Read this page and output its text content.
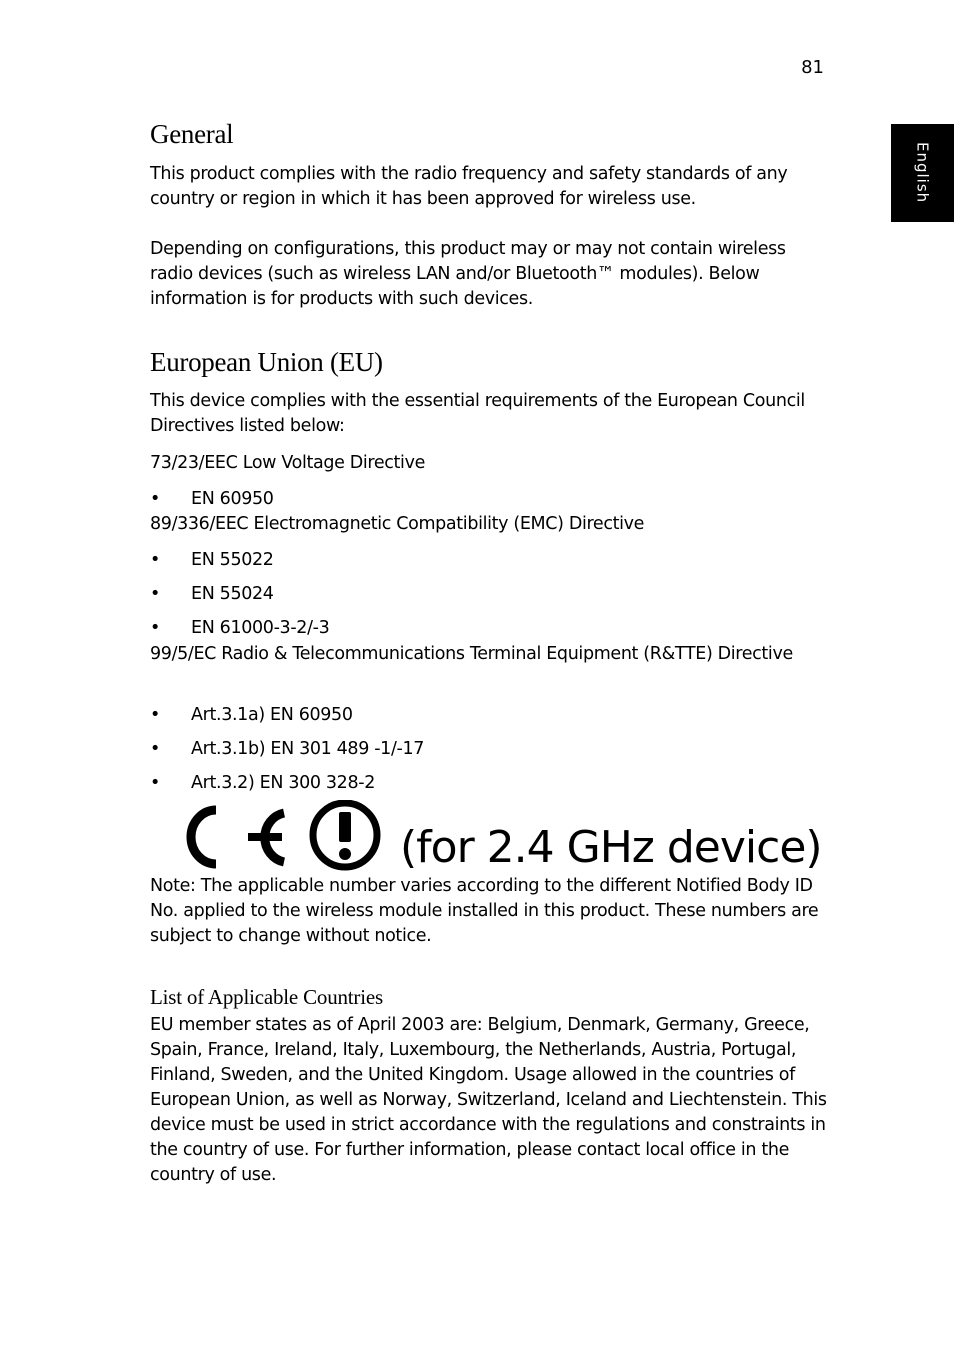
81
English
General

This product complies with the radio frequency and safety standards of any country or region in which it has been approved for wireless use.

Depending on configurations, this product may or may not contain wireless radio devices (such as wireless LAN and/or Bluetooth™ modules). Below information is for products with such devices.

European Union (EU)

This device complies with the essential requirements of the European Council Directives listed below:

73/23/EEC Low Voltage Directive

• EN 60950

89/336/EEC Electromagnetic Compatibility (EMC) Directive

• EN 55022
• EN 55024
• EN 61000-3-2/-3

99/5/EC Radio & Telecommunications Terminal Equipment (R&TTE) Directive

• Art.3.1a) EN 60950
• Art.3.1b) EN 301 489 -1/-17
• Art.3.2) EN 300 328-2

Note: The applicable number varies according to the different Notified Body ID No. applied to the wireless module installed in this product. These numbers are subject to change without notice.

List of Applicable Countries

EU member states as of April 2003 are: Belgium, Denmark, Germany, Greece, Spain, France, Ireland, Italy, Luxembourg, the Netherlands, Austria, Portugal, Finland, Sweden, and the United Kingdom. Usage allowed in the countries of European Union, as well as Norway, Switzerland, Iceland and Liechtenstein. This device must be used in strict accordance with the regulations and constraints in the country of use. For further information, please contact local office in the country of use.

(for 2.4 GHz device)
